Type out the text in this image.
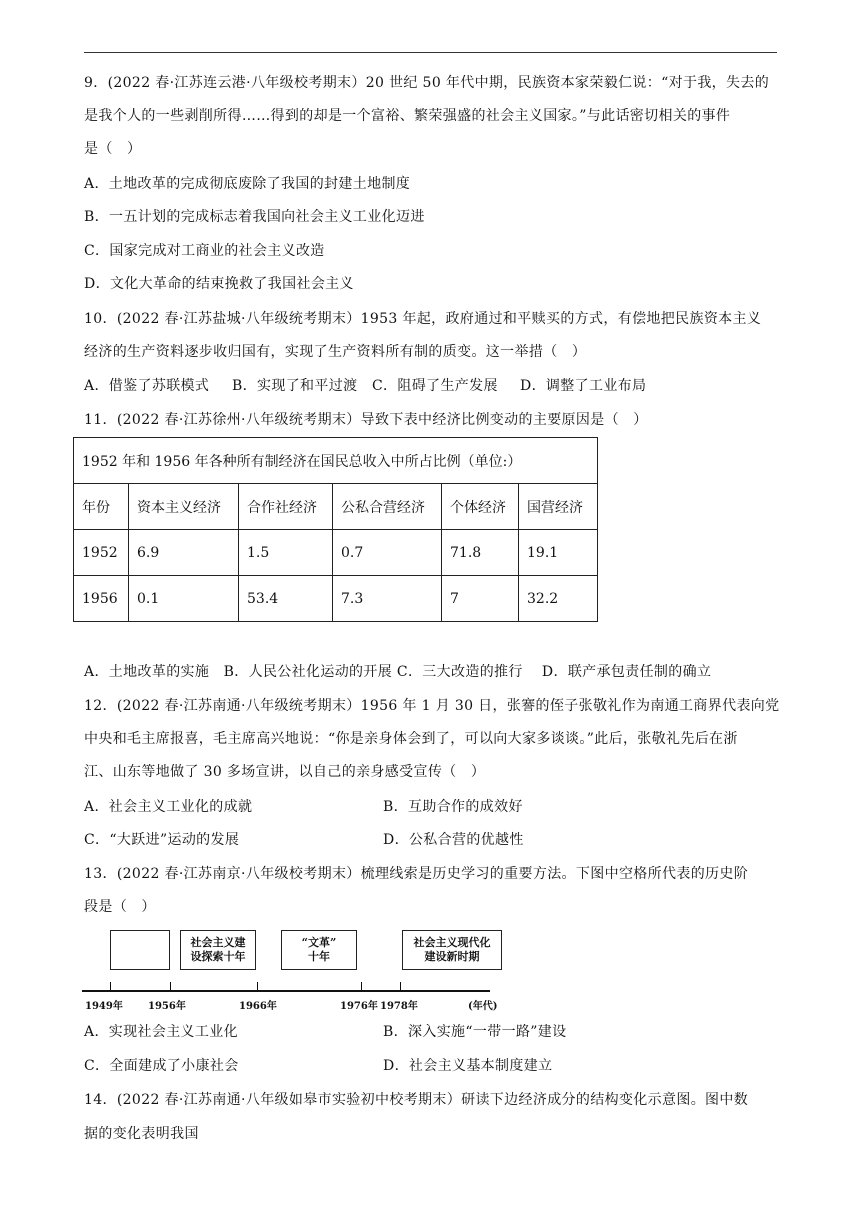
9．(2022 春·江苏连云港·八年级校考期末）20 世纪 50 年代中期，民族资本家荣毅仁说：“对于我，失去的
是我个人的一些剥削所得……得到的却是一个富裕、繁荣强盛的社会主义国家。”与此话密切相关的事件
是（　）
A．土地改革的完成彻底废除了我国的封建土地制度
B．一五计划的完成标志着我国向社会主义工业化迈进
C．国家完成对工商业的社会主义改造
D．文化大革命的结束挽救了我国社会主义
10．(2022 春·江苏盐城·八年级统考期末）1953 年起，政府通过和平赎买的方式，有偿地把民族资本主义
经济的生产资料逐步收归国有，实现了生产资料所有制的质变。这一举措（　）
A．借鉴了苏联模式 B．实现了和平过渡 C．阻碍了生产发展 D．调整了工业布局
11．(2022 春·江苏徐州·八年级统考期末）导致下表中经济比例变动的主要原因是（　）
1952 年和 1956 年各种所有制经济在国民总收入中所占比例（单位:）					
年份	资本主义经济	合作社经济	公私合营经济	个体经济	国营经济
1952	6.9	1.5	0.7	71.8	19.1
1956	0.1	53.4	7.3	7	32.2
A．土地改革的实施　B．人民公社化运动的开展 C．三大改造的推行　 D．联产承包责任制的确立
12．(2022 春·江苏南通·八年级统考期末）1956 年 1 月 30 日，张謇的侄子张敬礼作为南通工商界代表向党
中央和毛主席报喜，毛主席高兴地说：“你是亲身体会到了，可以向大家多谈谈。”此后，张敬礼先后在浙
江、山东等地做了 30 多场宣讲，以自己的亲身感受宣传（　）
A．社会主义工业化的成就	B．互助合作的成效好
C．“大跃进”运动的发展	D．公私合营的优越性
13．(2022 春·江苏南京·八年级校考期末）梳理线索是历史学习的重要方法。下图中空格所代表的历史阶
段是（　）
社会主义建
设探索十年
“文革”
十年
社会主义现代化
建设新时期
1949年	1956年	1966年	1976年 1978年	(年代)
A．实现社会主义工业化	B．深入实施“一带一路”建设
C．全面建成了小康社会	D．社会主义基本制度建立
14．(2022 春·江苏南通·八年级如皋市实验初中校考期末）研读下边经济成分的结构变化示意图。图中数
据的变化表明我国
